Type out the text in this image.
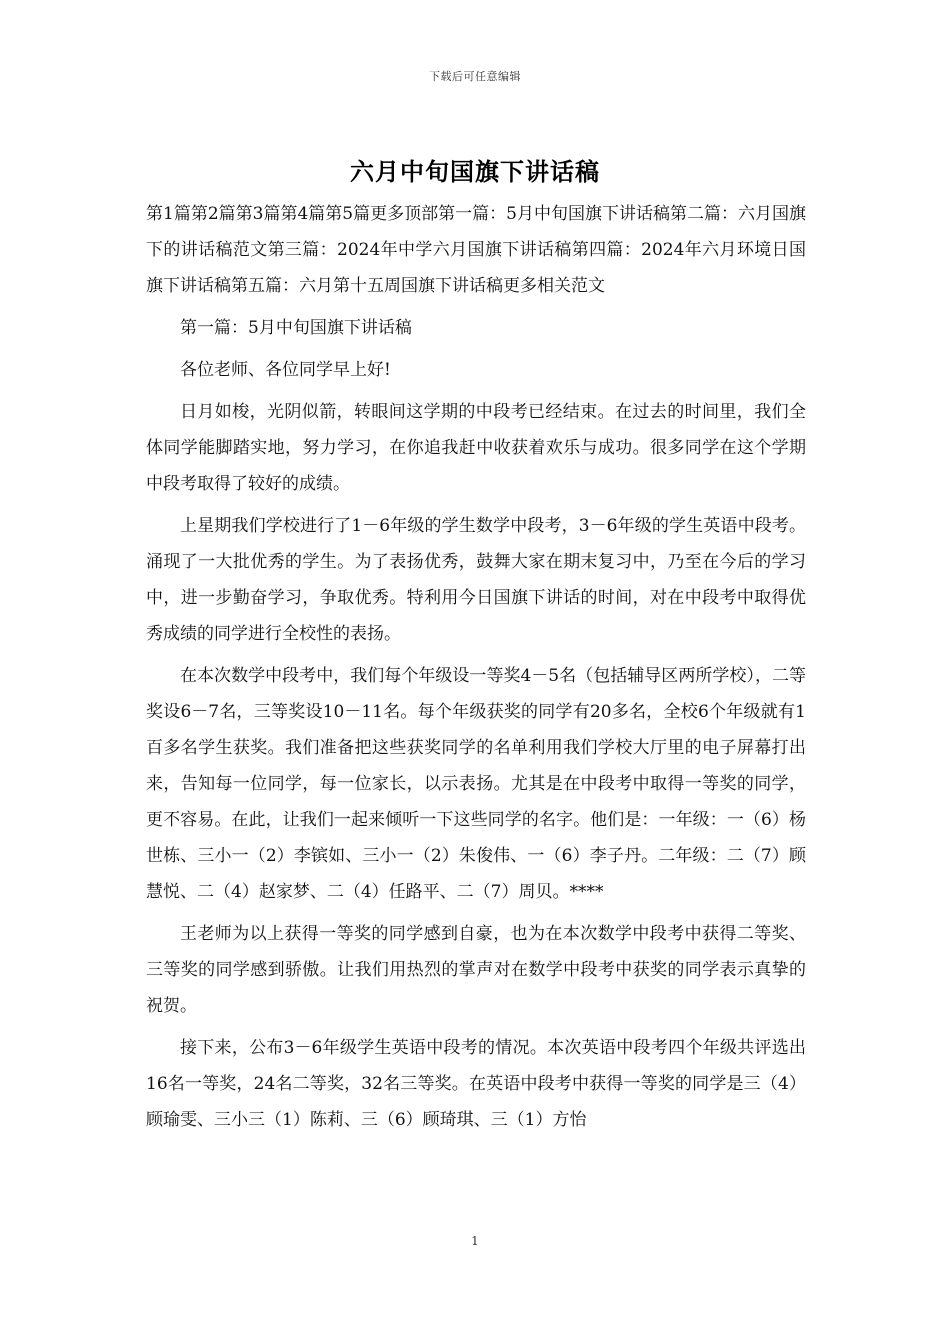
下载后可任意编辑
六月中旬国旗下讲话稿

第1篇第2篇第3篇第4篇第5篇更多顶部第一篇：5月中旬国旗下讲话稿第二篇：六月国旗下的讲话稿范文第三篇：2024年中学六月国旗下讲话稿第四篇：2024年六月环境日国旗下讲话稿第五篇：六月第十五周国旗下讲话稿更多相关范文

第一篇：5月中旬国旗下讲话稿

各位老师、各位同学早上好!

日月如梭，光阴似箭，转眼间这学期的中段考已经结束。在过去的时间里，我们全体同学能脚踏实地，努力学习，在你追我赶中收获着欢乐与成功。很多同学在这个学期中段考取得了较好的成绩。

上星期我们学校进行了1－6年级的学生数学中段考，3－6年级的学生英语中段考。涌现了一大批优秀的学生。为了表扬优秀，鼓舞大家在期末复习中，乃至在今后的学习中，进一步勤奋学习，争取优秀。特利用今日国旗下讲话的时间，对在中段考中取得优秀成绩的同学进行全校性的表扬。

在本次数学中段考中，我们每个年级设一等奖4－5名（包括辅导区两所学校），二等奖设6－7名，三等奖设10－11名。每个年级获奖的同学有20多名，全校6个年级就有1百多名学生获奖。我们准备把这些获奖同学的名单利用我们学校大厅里的电子屏幕打出来，告知每一位同学，每一位家长，以示表扬。尤其是在中段考中取得一等奖的同学，更不容易。在此，让我们一起来倾听一下这些同学的名字。他们是：一年级：一（6）杨世栋、三小一（2）李镔如、三小一（2）朱俊伟、一（6）李子丹。二年级：二（7）顾慧悦、二（4）赵家梦、二（4）任路平、二（7）周贝。****

王老师为以上获得一等奖的同学感到自豪，也为在本次数学中段考中获得二等奖、三等奖的同学感到骄傲。让我们用热烈的掌声对在数学中段考中获奖的同学表示真挚的祝贺。

接下来，公布3－6年级学生英语中段考的情况。本次英语中段考四个年级共评选出16名一等奖，24名二等奖，32名三等奖。在英语中段考中获得一等奖的同学是三（4）顾瑜雯、三小三（1）陈莉、三（6）顾琦琪、三（1）方怡

1
